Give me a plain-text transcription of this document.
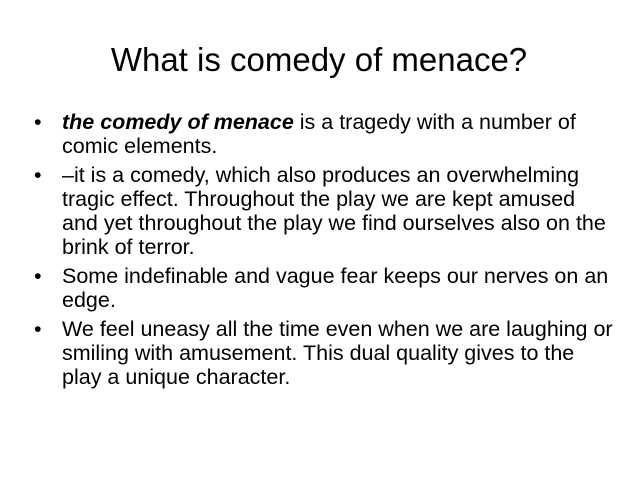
What is comedy of menace?
• the comedy of menace is a tragedy with a number of comic elements.
• –it is a comedy, which also produces an overwhelming tragic effect. Throughout the play we are kept amused and yet throughout the play we find ourselves also on the brink of terror.
• Some indefinable and vague fear keeps our nerves on an edge.
• We feel uneasy all the time even when we are laughing or smiling with amusement. This dual quality gives to the play a unique character.
